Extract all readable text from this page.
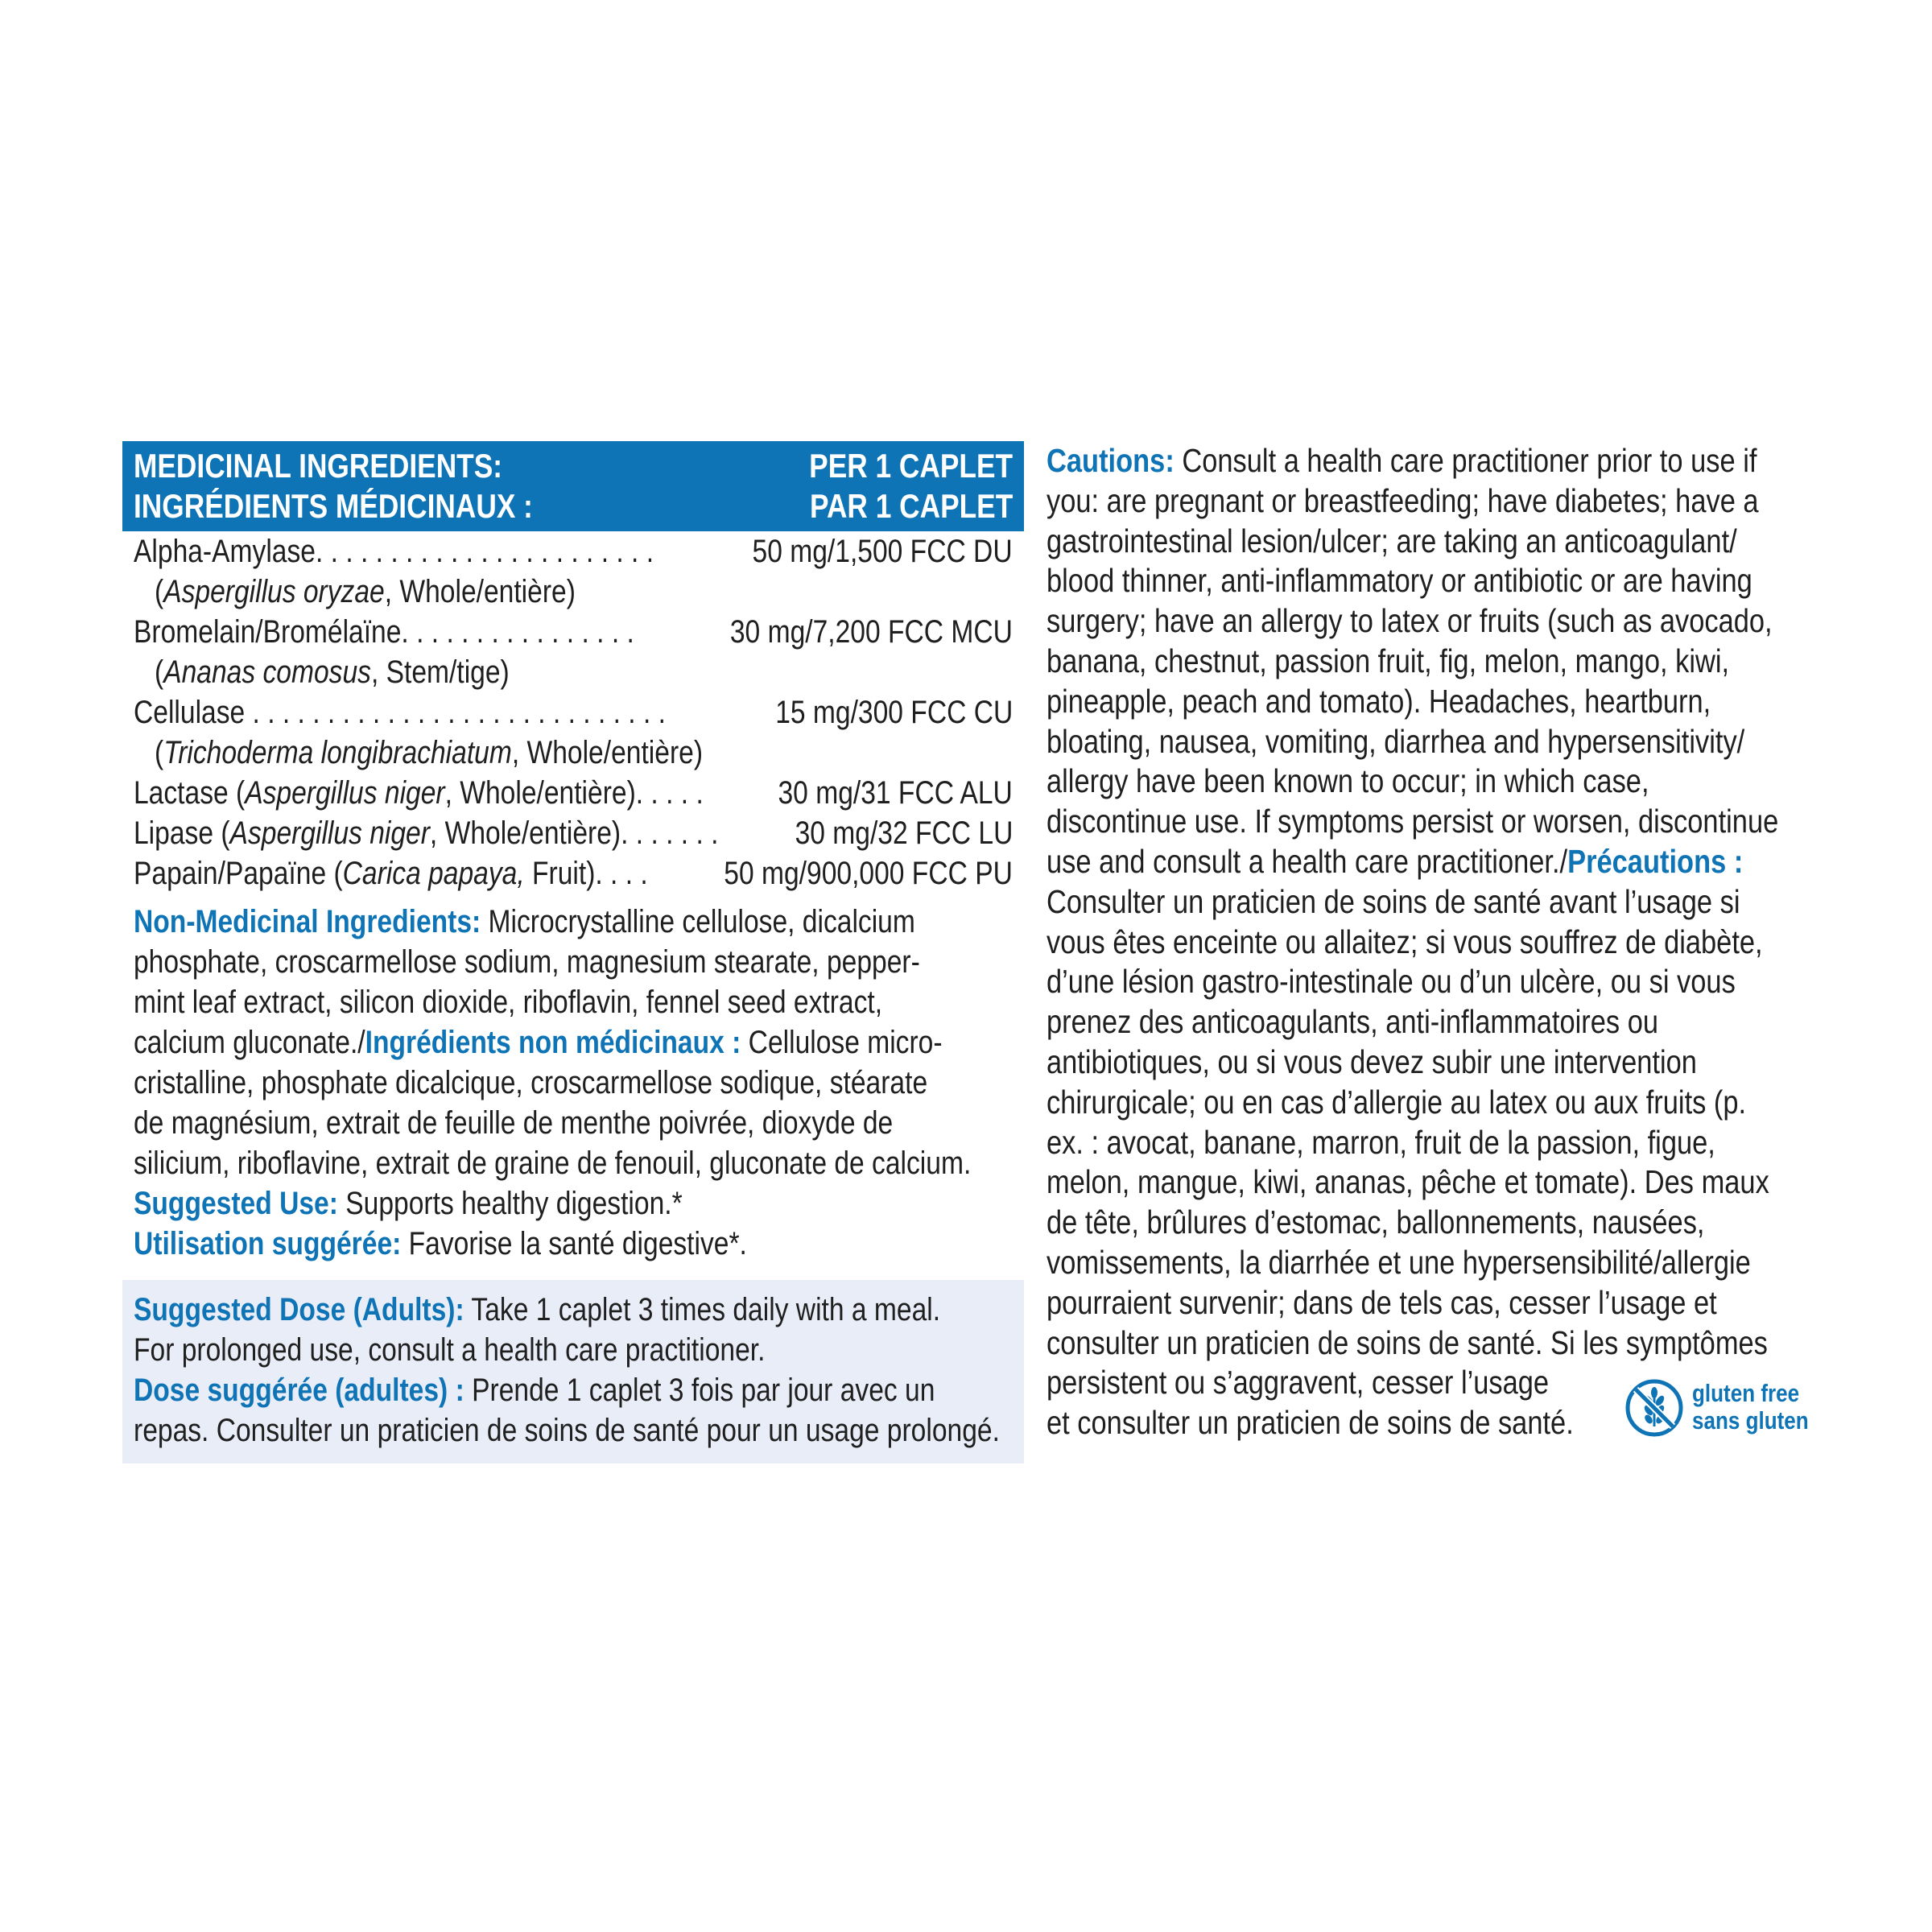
MEDICINAL INGREDIENTS:	PER 1 CAPLET
INGRÉDIENTS MÉDICINAUX :	PAR 1 CAPLET
Alpha-Amylase. . . . . . . . . . . . . . . . . . . . . . .	50 mg/1,500 FCC DU
(Aspergillus oryzae, Whole/entière)
Bromelain/Bromélaïne. . . . . . . . . . . . . . . .	30 mg/7,200 FCC MCU
(Ananas comosus, Stem/tige)
Cellulase . . . . . . . . . . . . . . . . . . . . . . . . . . . .	15 mg/300 FCC CU
(Trichoderma longibrachiatum, Whole/entière)
Lactase (Aspergillus niger, Whole/entière). . . . . 30 mg/31 FCC ALU
Lipase (Aspergillus niger, Whole/entière). . . . . . . 30 mg/32 FCC LU
Papain/Papaïne (Carica papaya, Fruit). . . . 50 mg/900,000 FCC PU
Non-Medicinal Ingredients: Microcrystalline cellulose, dicalcium
phosphate, croscarmellose sodium, magnesium stearate, pepper-
mint leaf extract, silicon dioxide, riboflavin, fennel seed extract,
calcium gluconate./Ingrédients non médicinaux : Cellulose micro-
cristalline, phosphate dicalcique, croscarmellose sodique, stéarate
de magnésium, extrait de feuille de menthe poivrée, dioxyde de
silicium, riboflavine, extrait de graine de fenouil, gluconate de calcium.
Suggested Use: Supports healthy digestion.*
Utilisation suggérée: Favorise la santé digestive*.
Suggested Dose (Adults): Take 1 caplet 3 times daily with a meal.
For prolonged use, consult a health care practitioner.
Dose suggérée (adultes) : Prende 1 caplet 3 fois par jour avec un
repas. Consulter un praticien de soins de santé pour un usage prolongé.
Cautions: Consult a health care practitioner prior to use if
you: are pregnant or breastfeeding; have diabetes; have a
gastrointestinal lesion/ulcer; are taking an anticoagulant/
blood thinner, anti-inflammatory or antibiotic or are having
surgery; have an allergy to latex or fruits (such as avocado,
banana, chestnut, passion fruit, fig, melon, mango, kiwi,
pineapple, peach and tomato). Headaches, heartburn,
bloating, nausea, vomiting, diarrhea and hypersensitivity/
allergy have been known to occur; in which case,
discontinue use. If symptoms persist or worsen, discontinue
use and consult a health care practitioner./Précautions :
Consulter un praticien de soins de santé avant l’usage si
vous êtes enceinte ou allaitez; si vous souffrez de diabète,
d’une lésion gastro-intestinale ou d’un ulcère, ou si vous
prenez des anticoagulants, anti-inflammatoires ou
antibiotiques, ou si vous devez subir une intervention
chirurgicale; ou en cas d’allergie au latex ou aux fruits (p.
ex. : avocat, banane, marron, fruit de la passion, figue,
melon, mangue, kiwi, ananas, pêche et tomate). Des maux
de tête, brûlures d’estomac, ballonnements, nausées,
vomissements, la diarrhée et une hypersensibilité/allergie
pourraient survenir; dans de tels cas, cesser l’usage et
consulter un praticien de soins de santé. Si les symptômes
persistent ou s’aggravent, cesser l’usage
et consulter un praticien de soins de santé.
gluten free
sans gluten
